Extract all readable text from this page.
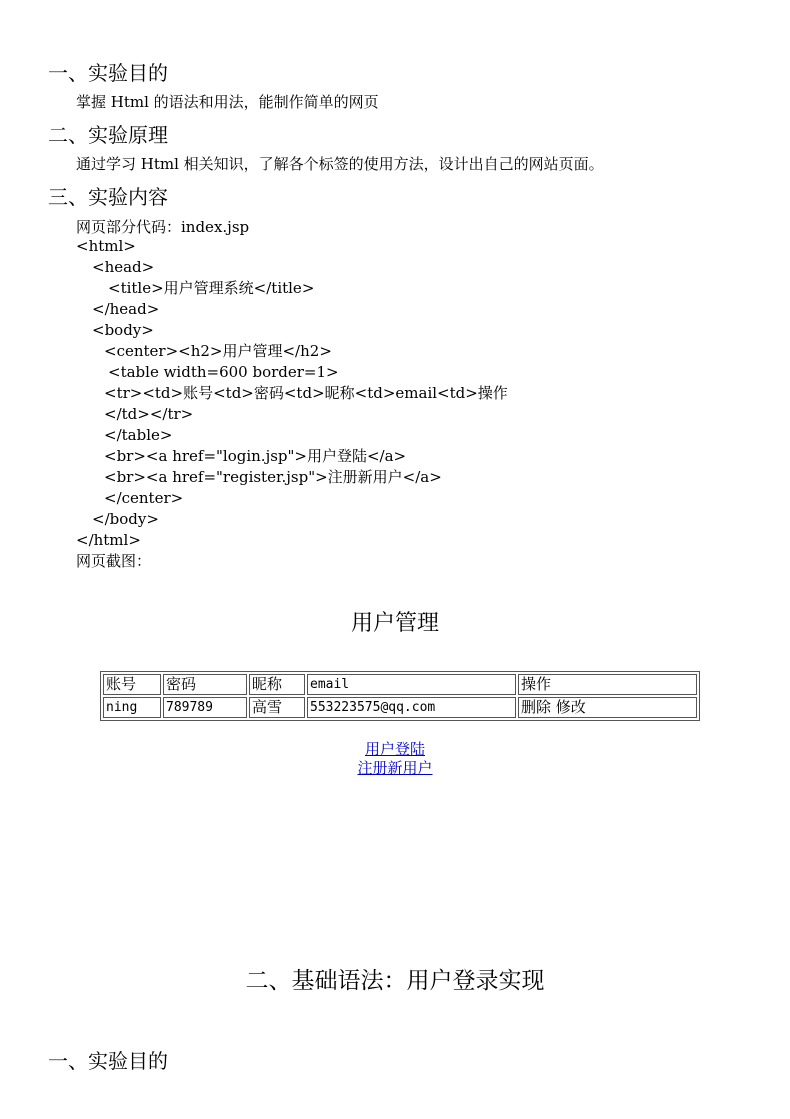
一、实验目的
掌握 Html 的语法和用法，能制作简单的网页
二、实验原理
通过学习 Html 相关知识，了解各个标签的使用方法，设计出自己的网站页面。
三、实验内容
网页部分代码：index.jsp
<html>
<head>
<title>用户管理系统</title>
</head>
<body>
<center><h2>用户管理</h2>
<table width=600 border=1>
<tr><td>账号<td>密码<td>昵称<td>email<td>操作
</td></tr>
</table>
<br><a href="login.jsp">用户登陆</a>
<br><a href="register.jsp">注册新用户</a>
</center>
</body>
</html>
网页截图：
用户管理
账号	密码	昵称	email	操作
ning	789789	高雪	553223575@qq.com	删除 修改
用户登陆
注册新用户
二、基础语法：用户登录实现
一、实验目的
